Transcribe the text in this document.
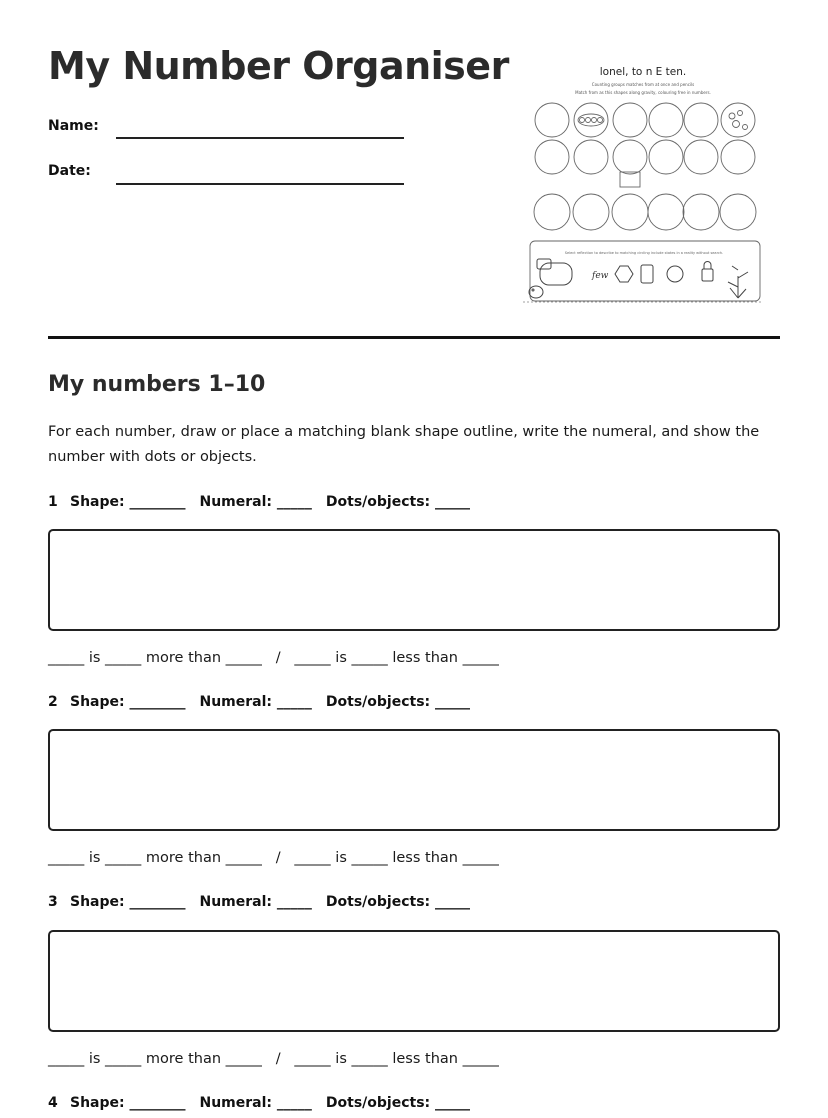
My Number Organiser
Name:
Date:
lonel, to n E ten.
Counting groups matches from at once and pencils
Match from as this shapes along gravity, colouring free in numbers.
Select reflection to describe to matching circling include states in a reality without search.
few
My numbers 1–10

For each number, draw or place a matching blank shape outline, write the numeral, and show the number with dots or objects.

1 Shape: ________ Numeral: _____ Dots/objects: _____
_____ is _____ more than _____   /   _____ is _____ less than _____
2 Shape: ________ Numeral: _____ Dots/objects: _____
_____ is _____ more than _____   /   _____ is _____ less than _____
3 Shape: ________ Numeral: _____ Dots/objects: _____
_____ is _____ more than _____   /   _____ is _____ less than _____
4 Shape: ________ Numeral: _____ Dots/objects: _____
